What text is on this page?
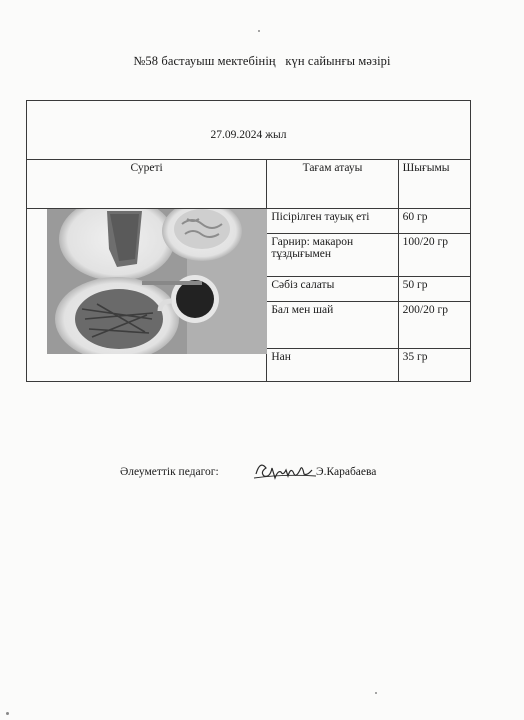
№58 бастауыш мектебінің   күн сайынғы мәзірі
27.09.2024 жыл		
Суреті	Тағам атауы	Шығымы

	Пісірілген тауық еті	60 гр
	Гарнир: макарон тұздығымен	100/20 гр
	Сәбіз салаты	50 гр
	Бал мен шай	200/20 гр
	Нан	35 гр
Әлеуметтік педагог:	Э.Карабаева
